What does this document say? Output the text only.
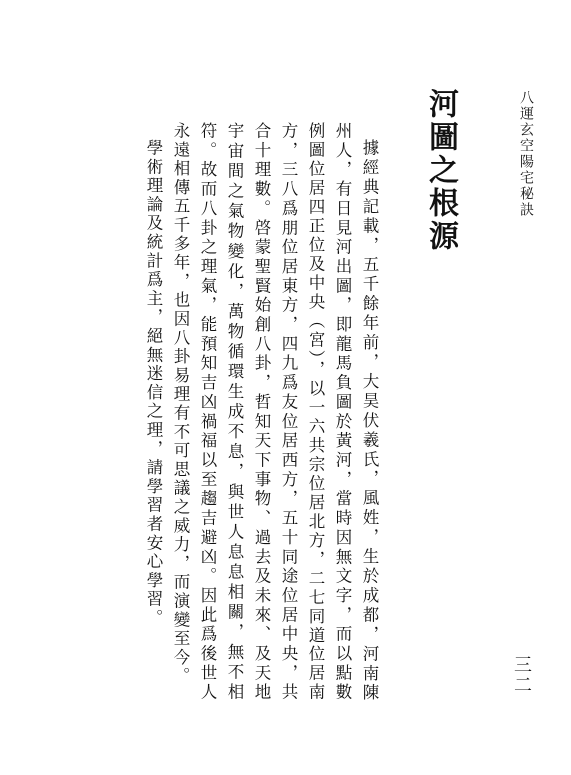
八運玄空陽宅秘訣
河圖之根源

據經典記載，五千餘年前，大昊伏羲氏，風姓，生於成都，河南陳州人，有日見河出圖，即龍馬負圖於黃河，當時因無文字，而以點數例圖位居四正位及中央（宮），以一六共宗位居北方，二七同道位居南方，三八爲朋位居東方，四九爲友位居西方，五十同途位居中央，共合十理數。啓蒙聖賢始創八卦，哲知天下事物、過去及未來、及天地宇宙間之氣物變化，萬物循環生成不息，與世人息息相關，無不相符。故而八卦之理氣，能預知吉凶禍福以至趨吉避凶。因此爲後世人永遠相傳五千多年，也因八卦易理有不可思議之威力，而演變至今。

學術理論及統計爲主，絕無迷信之理，請學習者安心學習。

三二
